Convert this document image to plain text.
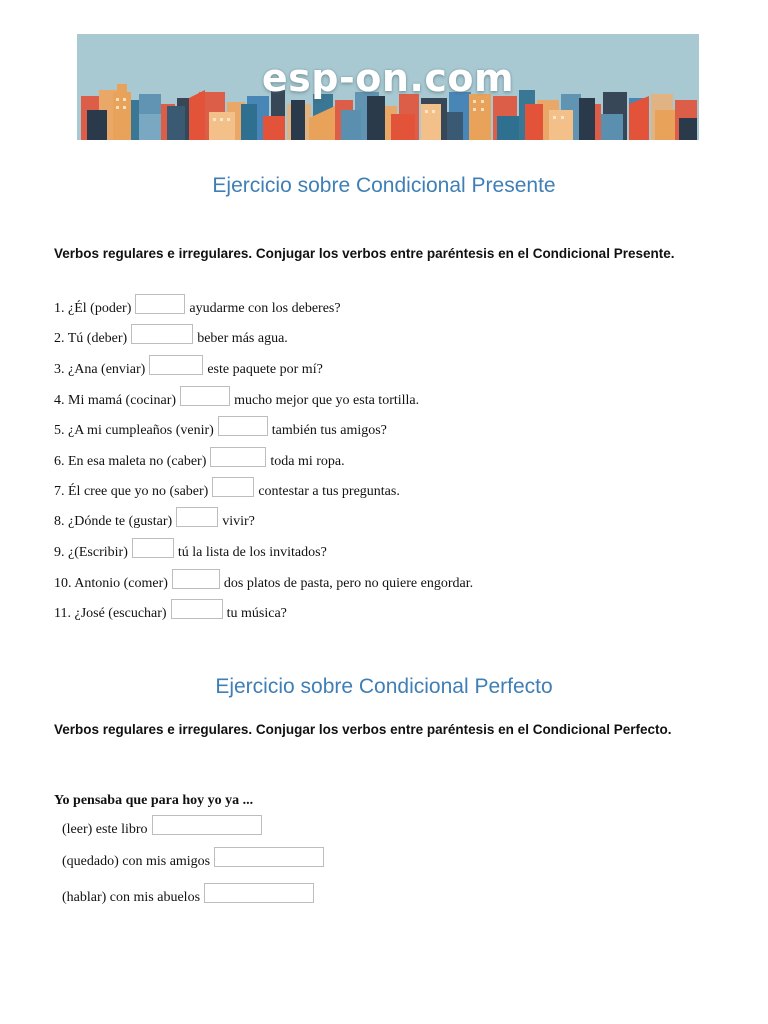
esp-on.com
Ejercicio sobre Condicional Presente

Verbos regulares e irregulares. Conjugar los verbos entre paréntesis en el Condicional Presente.

1. ¿Él (poder)	ayudarme con los deberes?
2. Tú (deber)	beber más agua.
3. ¿Ana (enviar)	este paquete por mí?
4. Mi mamá (cocinar)	mucho mejor que yo esta tortilla.
5. ¿A mi cumpleaños (venir)	también tus amigos?
6. En esa maleta no (caber)	toda mi ropa.
7. Él cree que yo no (saber)	contestar a tus preguntas.
8. ¿Dónde te (gustar)	vivir?
9. ¿(Escribir)	tú la lista de los invitados?
10. Antonio (comer)	dos platos de pasta, pero no quiere engordar.
11. ¿José (escuchar)	tu música?
Ejercicio sobre Condicional Perfecto

Verbos regulares e irregulares. Conjugar los verbos entre paréntesis en el Condicional Perfecto.

Yo pensaba que para hoy yo ya ...

(leer) este libro
(quedado) con mis amigos
(hablar) con mis abuelos
